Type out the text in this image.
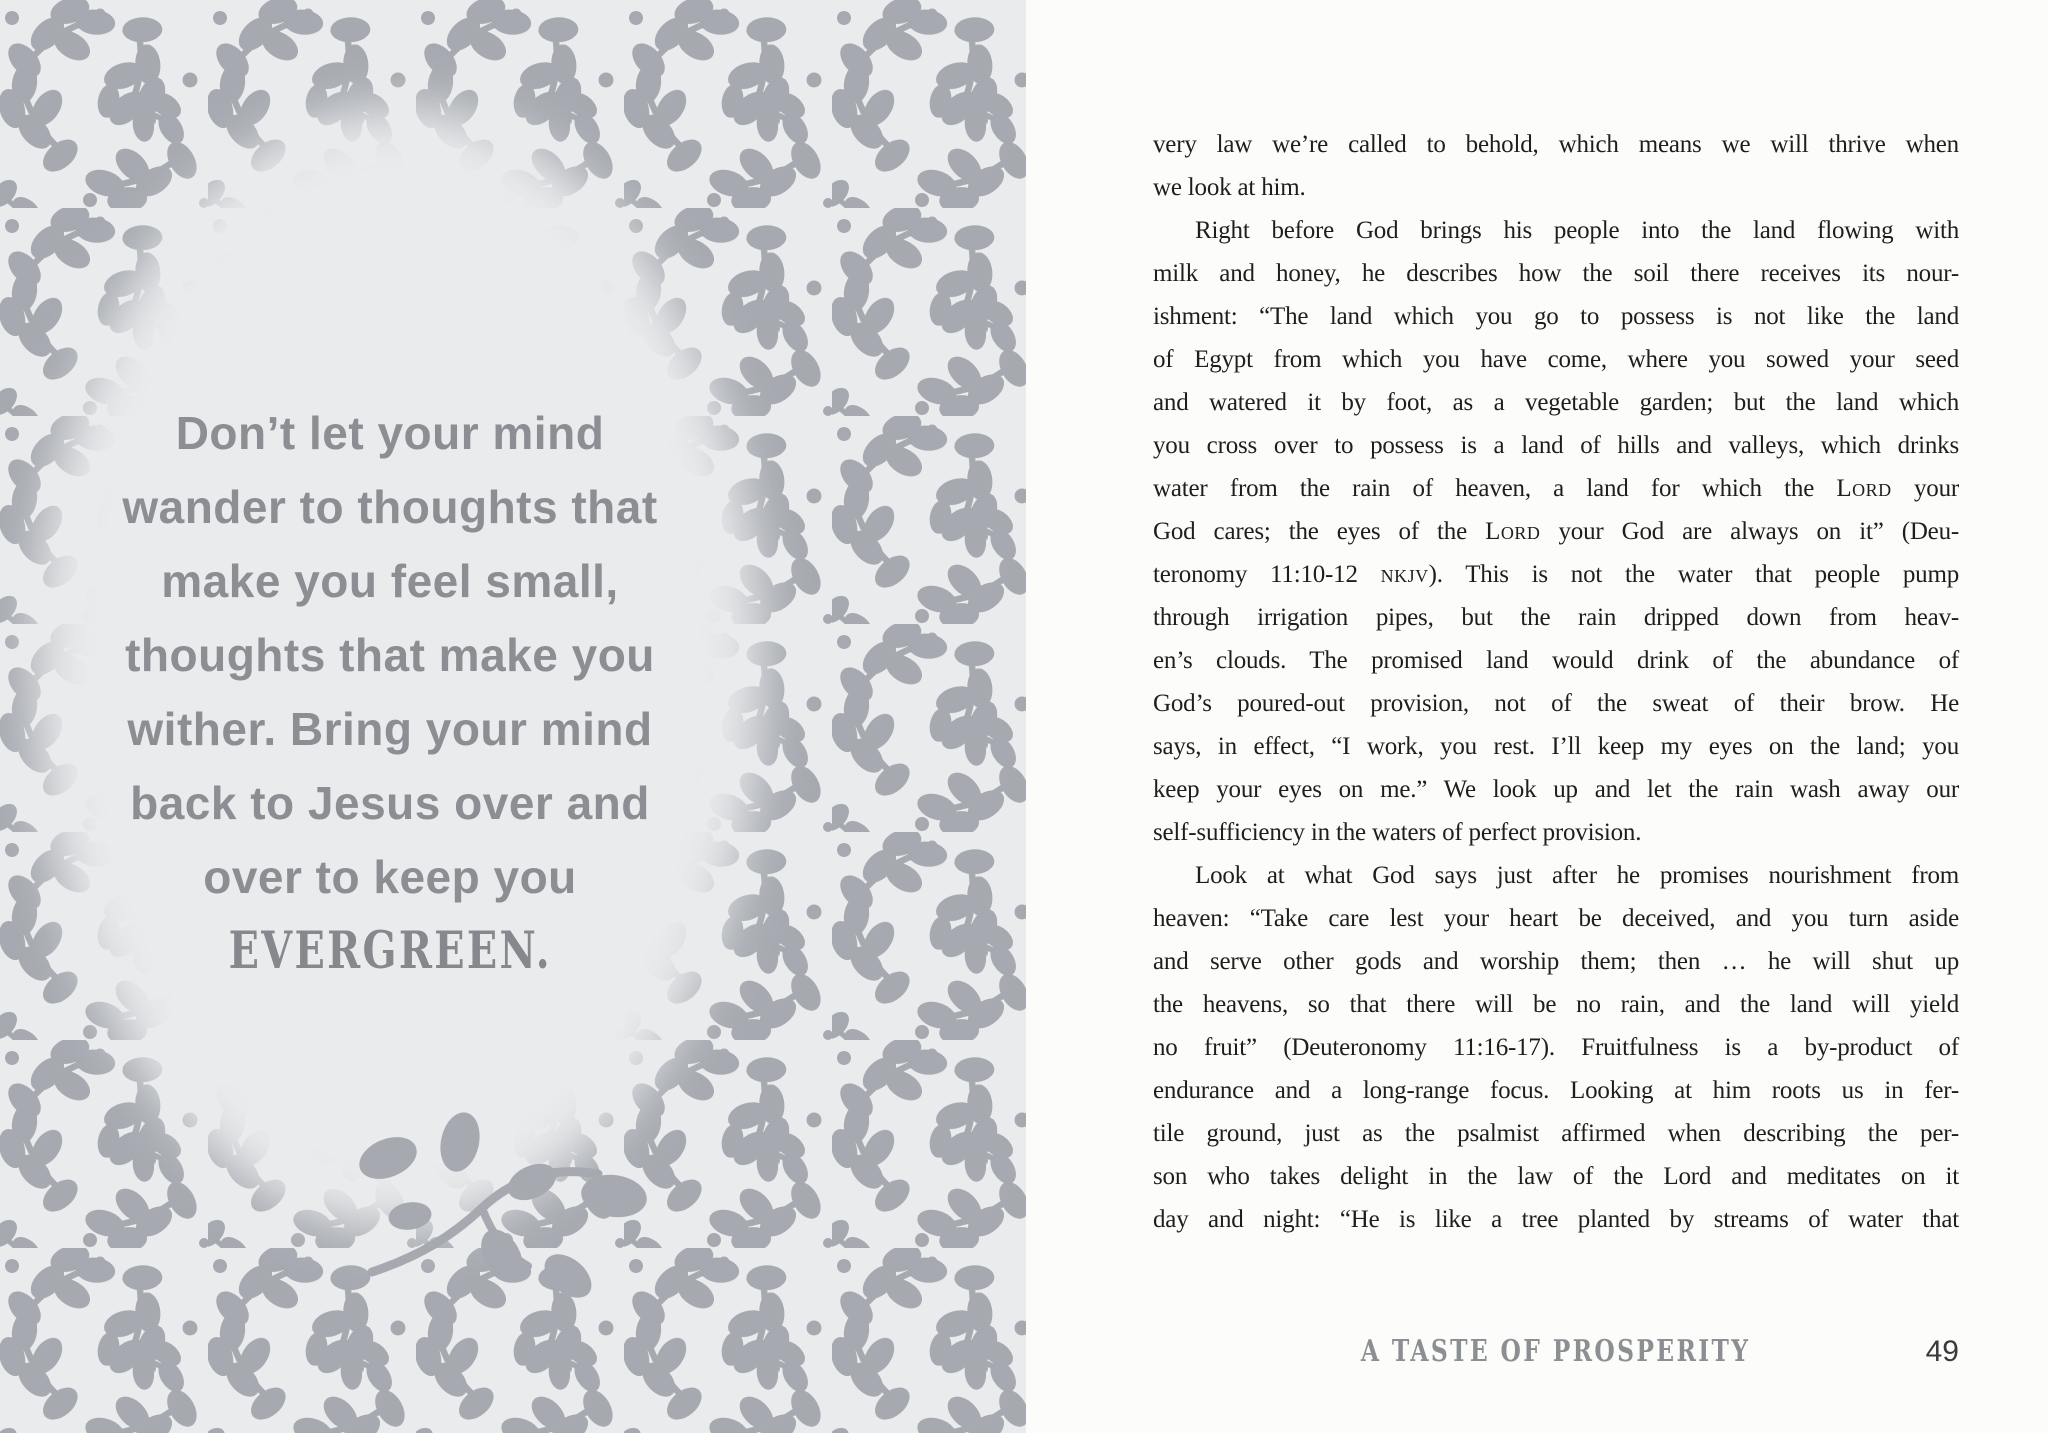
Don’t let your mind
wander to thoughts that
make you feel small,
thoughts that make you
wither. Bring your mind
back to Jesus over and
over to keep you
EVERGREEN.
very law we’re called to behold, which means we will thrive when
we look at him.
Right before God brings his people into the land flowing with
milk and honey, he describes how the soil there receives its nour-
ishment: “The land which you go to possess is not like the land
of Egypt from which you have come, where you sowed your seed
and watered it by foot, as a vegetable garden; but the land which
you cross over to possess is a land of hills and valleys, which drinks
water from the rain of heaven, a land for which the Lord your
God cares; the eyes of the Lord your God are always on it” (Deu-
teronomy 11:10-12 nkjv). This is not the water that people pump
through irrigation pipes, but the rain dripped down from heav-
en’s clouds. The promised land would drink of the abundance of
God’s poured-out provision, not of the sweat of their brow. He
says, in effect, “I work, you rest. I’ll keep my eyes on the land; you
keep your eyes on me.” We look up and let the rain wash away our
self-sufficiency in the waters of perfect provision.
Look at what God says just after he promises nourishment from
heaven: “Take care lest your heart be deceived, and you turn aside
and serve other gods and worship them; then … he will shut up
the heavens, so that there will be no rain, and the land will yield
no fruit” (Deuteronomy 11:16-17). Fruitfulness is a by-product of
endurance and a long-range focus. Looking at him roots us in fer-
tile ground, just as the psalmist affirmed when describing the per-
son who takes delight in the law of the Lord and meditates on it
day and night: “He is like a tree planted by streams of water that
A TASTE OF PROSPERITY	49
